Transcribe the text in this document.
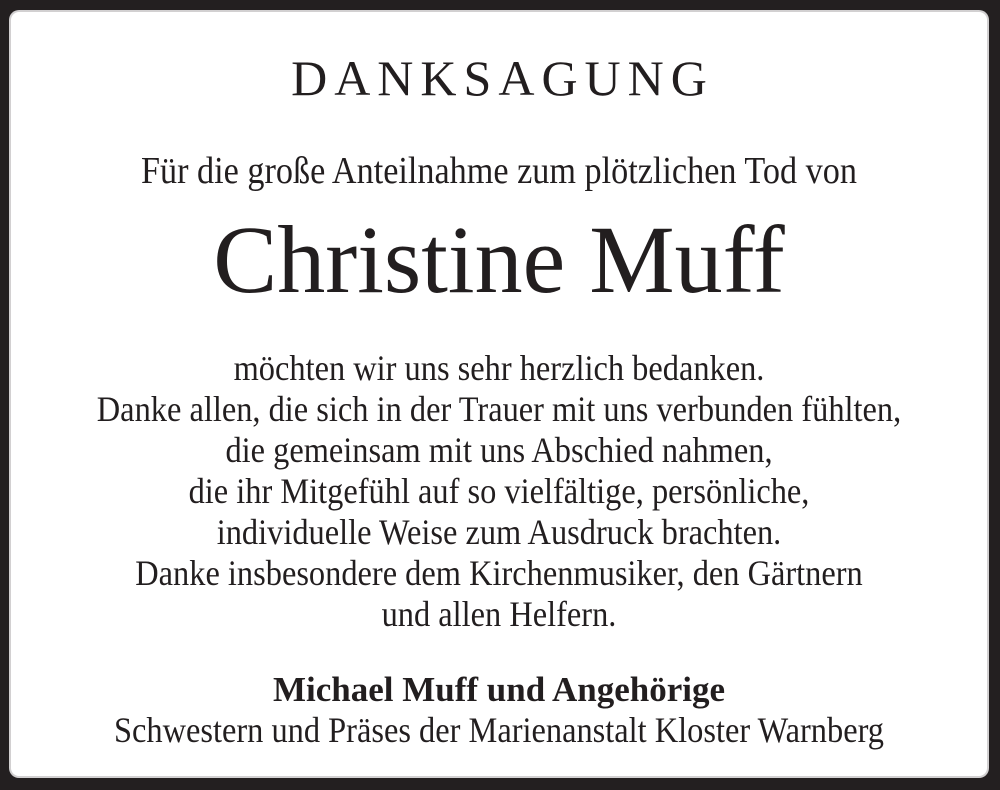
DANKSAGUNG
Für die große Anteilnahme zum plötzlichen Tod von
Christine Muff
möchten wir uns sehr herzlich bedanken.
Danke allen, die sich in der Trauer mit uns verbunden fühlten,
die gemeinsam mit uns Abschied nahmen,
die ihr Mitgefühl auf so vielfältige, persönliche,
individuelle Weise zum Ausdruck brachten.
Danke insbesondere dem Kirchenmusiker, den Gärtnern
und allen Helfern.
Michael Muff und Angehörige
Schwestern und Präses der Marienanstalt Kloster Warnberg
